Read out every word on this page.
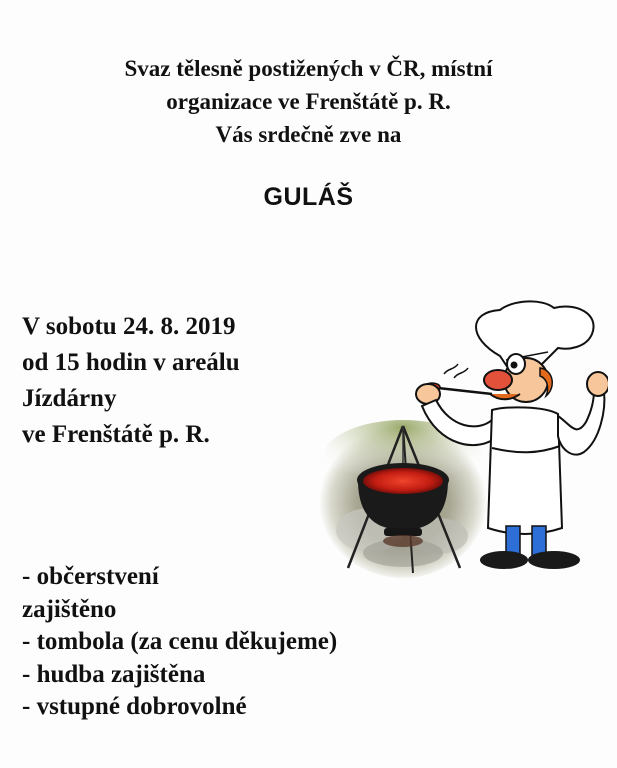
Svaz tělesně postižených v ČR, místní
organizace ve Frenštátě p. R.
Vás srdečně zve na
GULÁŠ
V sobotu 24. 8. 2019
od 15 hodin v areálu
Jízdárny
ve Frenštátě p. R.
- občerstvení
zajištěno
- tombola (za cenu děkujeme)
- hudba zajištěna
- vstupné dobrovolné
